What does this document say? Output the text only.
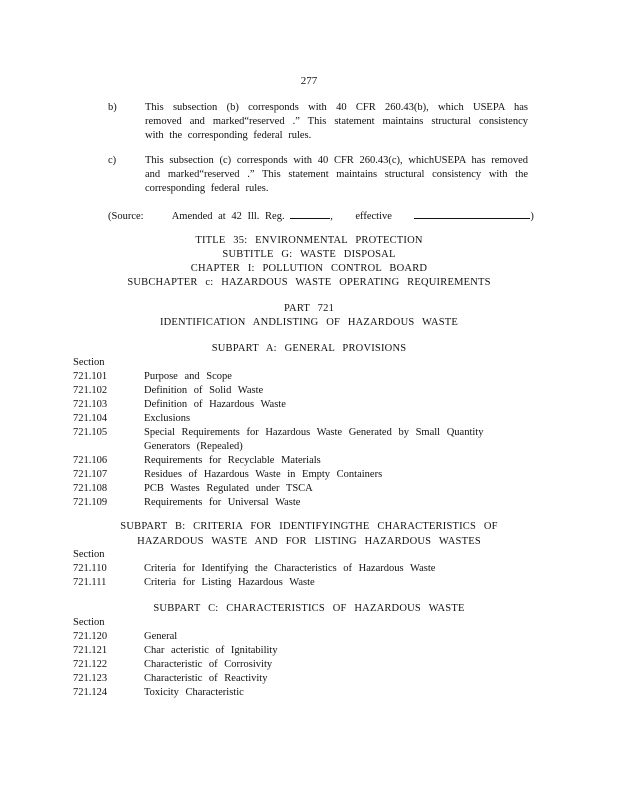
277
b)	This subsection (b) corresponds with 40 CFR 260.43(b), which USEPA has removed and marked“reserved .” This statement maintains structural consistency with the corresponding federal rules.
c)	This subsection (c) corresponds with 40 CFR 260.43(c), whichUSEPA has removed and marked“reserved .” This statement maintains structural consistency with the corresponding federal rules.
(Source:	Amended at 42 Ill. Reg.	, effective	)
TITLE 35: ENVIRONMENTAL PROTECTION
SUBTITLE G: WASTE DISPOSAL
CHAPTER I: POLLUTION CONTROL BOARD
SUBCHAPTER c: HAZARDOUS WASTE OPERATING REQUIREMENTS
PART 721
IDENTIFICATION ANDLISTING OF HAZARDOUS WASTE
SUBPART A: GENERAL PROVISIONS
Section
721.101	Purpose and Scope
721.102	Definition of Solid Waste
721.103	Definition of Hazardous Waste
721.104	Exclusions
721.105	Special Requirements for Hazardous Waste Generated by Small Quantity Generators (Repealed)
721.106	Requirements for Recyclable Materials
721.107	Residues of Hazardous Waste in Empty Containers
721.108	PCB Wastes Regulated under TSCA
721.109	Requirements for Universal Waste
SUBPART B: CRITERIA FOR IDENTIFYINGTHE CHARACTERISTICS OF
HAZARDOUS WASTE AND FOR LISTING HAZARDOUS WASTES
Section
721.110	Criteria for Identifying the Characteristics of Hazardous Waste
721.111	Criteria for Listing Hazardous Waste
SUBPART C: CHARACTERISTICS OF HAZARDOUS WASTE
Section
721.120	General
721.121	Char acteristic of Ignitability
721.122	Characteristic of Corrosivity
721.123	Characteristic of Reactivity
721.124	Toxicity Characteristic
